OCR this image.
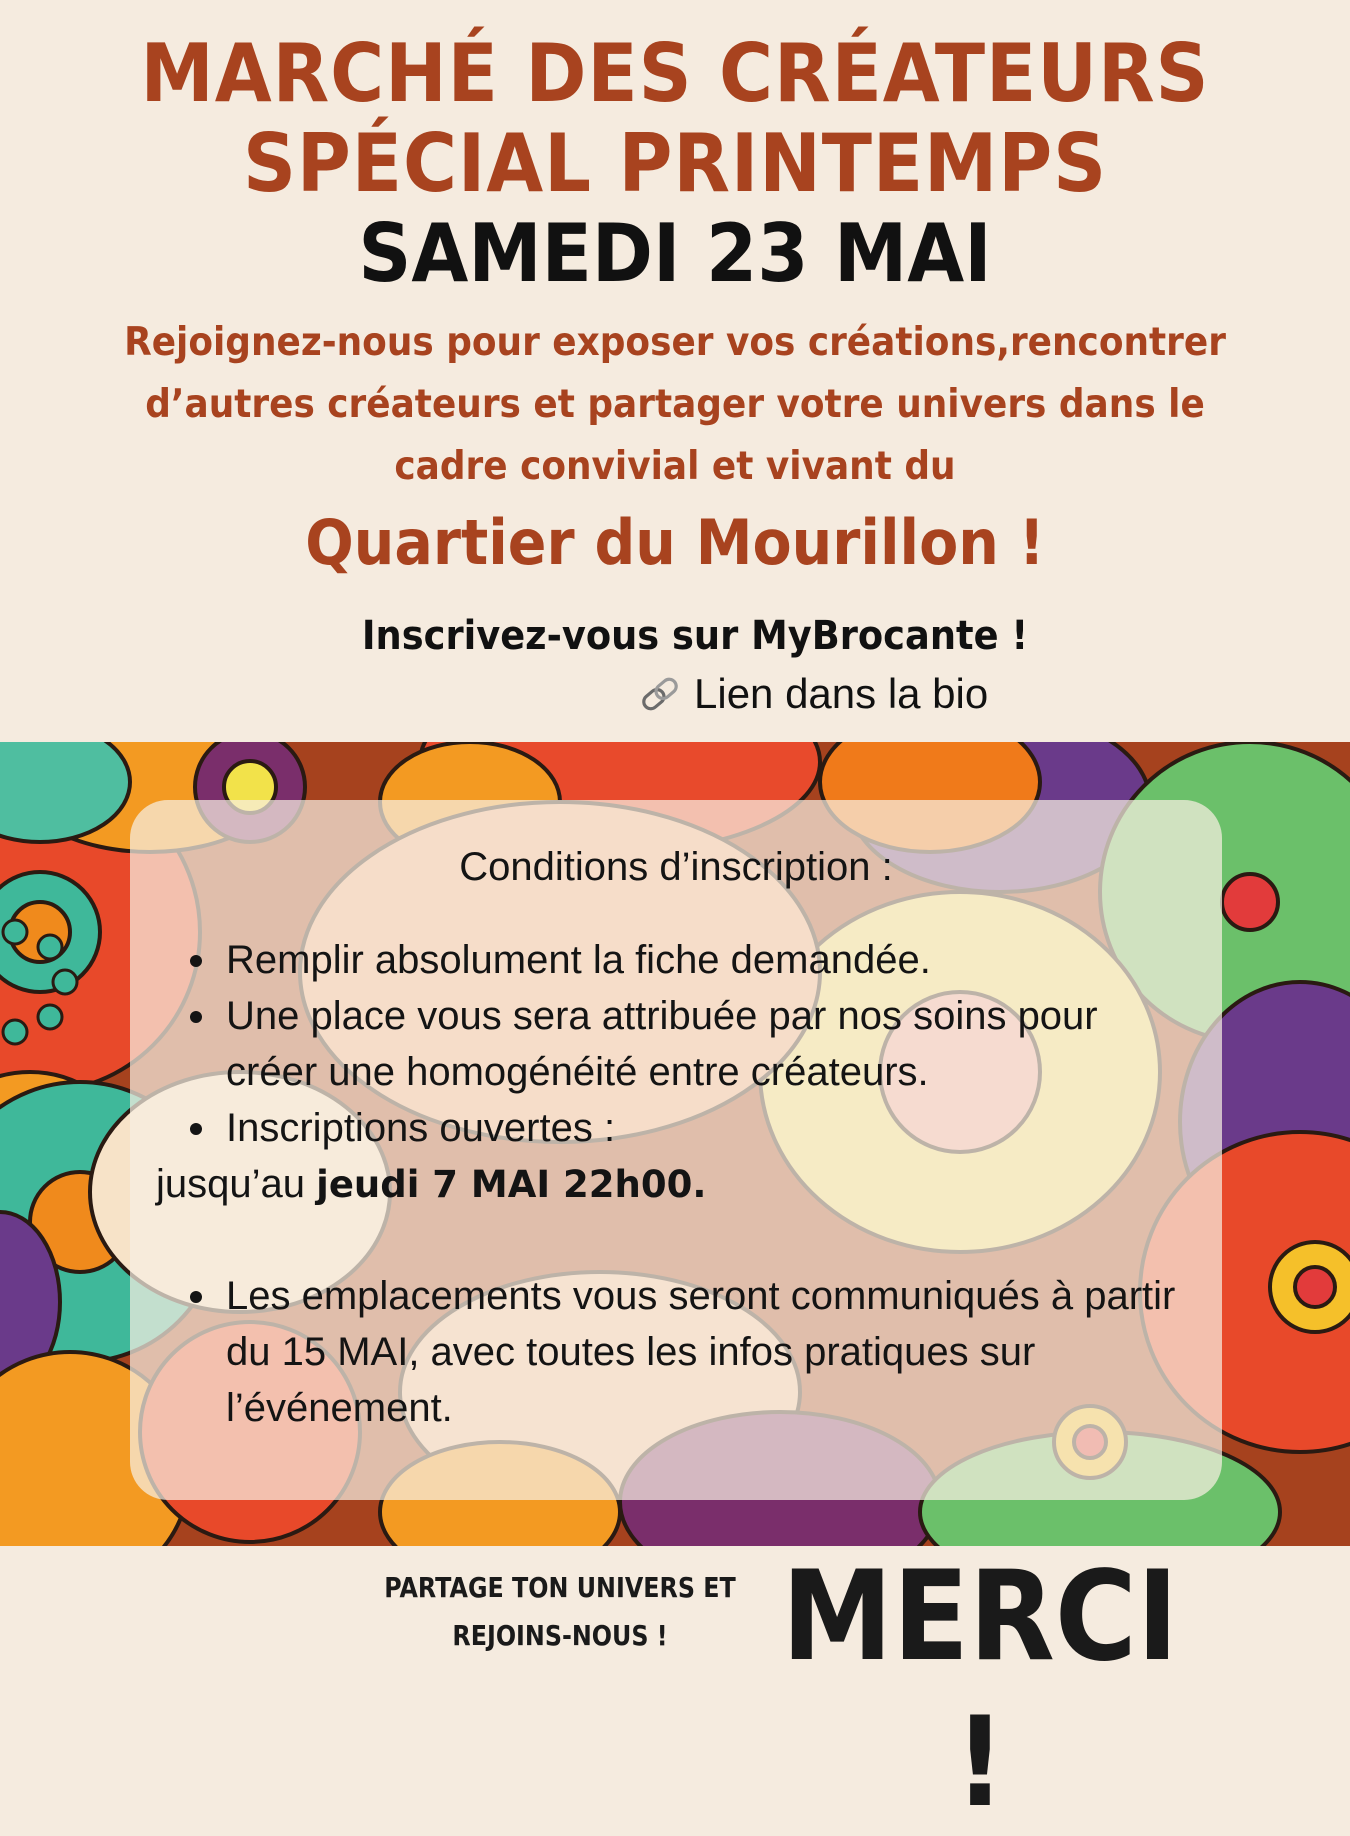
MARCHÉ DES CRÉATEURS
SPÉCIAL PRINTEMPS
SAMEDI 23 MAI
Rejoignez-nous pour exposer vos créations,rencontrer d’autres créateurs et partager votre univers dans le cadre convivial et vivant du
Quartier du Mourillon !
Inscrivez-vous sur MyBrocante !
Lien dans la bio
Conditions d’inscription :
Remplir absolument la fiche demandée.
Une place vous sera attribuée par nos soins pour créer une homogénéité entre créateurs.
Inscriptions ouvertes :
jusqu’au jeudi 7 MAI 22h00.
Les emplacements vous seront communiqués à partir du 15 MAI, avec toutes les infos pratiques sur l’événement.
PARTAGE TON UNIVERS ET REJOINS-NOUS ! MERCI !
